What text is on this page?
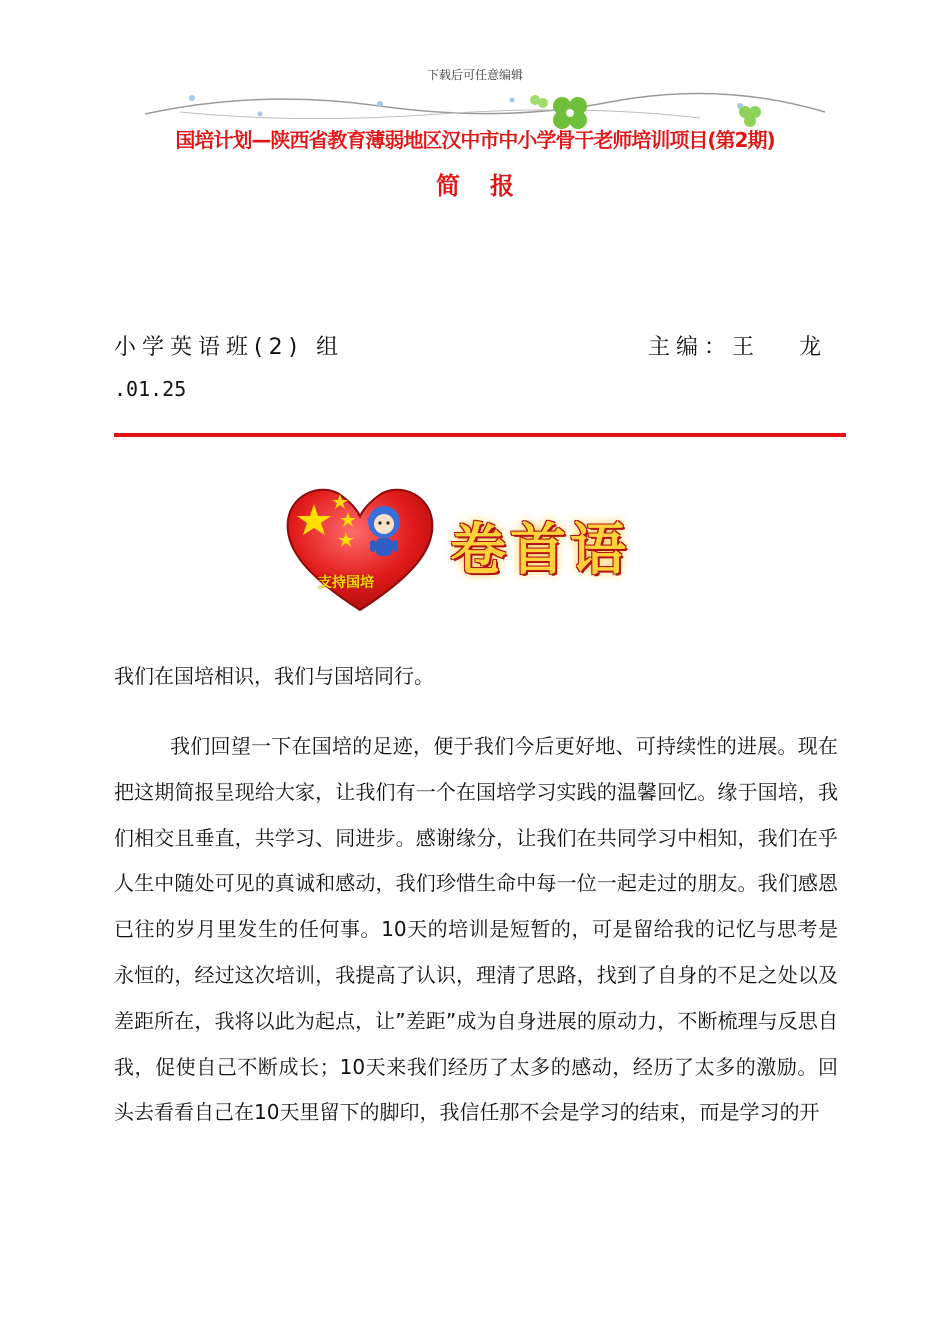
下载后可任意编辑
国培计划—陕西省教育薄弱地区汉中市中小学骨干老师培训项目(第2期)
简报
小学英语班(2) 组	主编：王   龙
.01.25
支持国培 卷首语
我们在国培相识，我们与国培同行。
我们回望一下在国培的足迹，便于我们今后更好地、可持续性的进展。现在把这期简报呈现给大家，让我们有一个在国培学习实践的温馨回忆。缘于国培，我们相交且垂直，共学习、同进步。感谢缘分，让我们在共同学习中相知，我们在乎人生中随处可见的真诚和感动，我们珍惜生命中每一位一起走过的朋友。我们感恩已往的岁月里发生的任何事。10天的培训是短暂的，可是留给我的记忆与思考是永恒的，经过这次培训，我提高了认识，理清了思路，找到了自身的不足之处以及差距所在，我将以此为起点，让”差距”成为自身进展的原动力，不断梳理与反思自我，促使自己不断成长；10天来我们经历了太多的感动，经历了太多的激励。回头去看看自己在10天里留下的脚印，我信任那不会是学习的结束，而是学习的开
